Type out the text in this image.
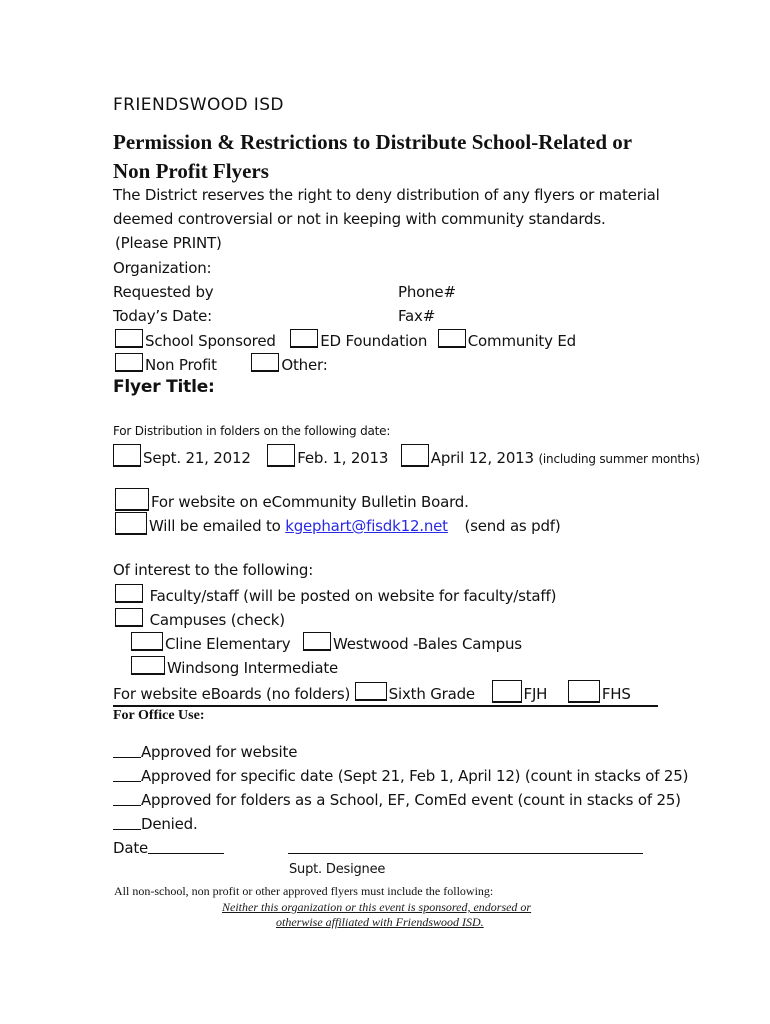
FRIENDSWOOD ISD
Permission & Restrictions to Distribute School-Related or
Non Profit Flyers
The District reserves the right to deny distribution of any flyers or material
deemed controversial or not in keeping with community standards.
(Please PRINT)
Organization:
Requested by	Phone#
Today’s Date:	Fax#
School Sponsored	ED Foundation	Community Ed
Non Profit	Other:
Flyer Title:
For Distribution in folders on the following date:
Sept. 21, 2012	Feb. 1, 2013	April 12, 2013 (including summer months)
For website on eCommunity Bulletin Board.
Will be emailed to kgephart@fisdk12.net (send as pdf)
Of interest to the following:
Faculty/staff (will be posted on website for faculty/staff)
Campuses (check)
Cline Elementary	Westwood -Bales Campus
Windsong Intermediate
For website eBoards (no folders)	Sixth Grade	FJH	FHS
For Office Use:
Approved for website
Approved for specific date (Sept 21, Feb 1, April 12) (count in stacks of 25)
Approved for folders as a School, EF, ComEd event (count in stacks of 25)
Denied.
Date
Supt. Designee
All non-school, non profit or other approved flyers must include the following:
Neither this organization or this event is sponsored, endorsed or
otherwise affiliated with Friendswood ISD.
